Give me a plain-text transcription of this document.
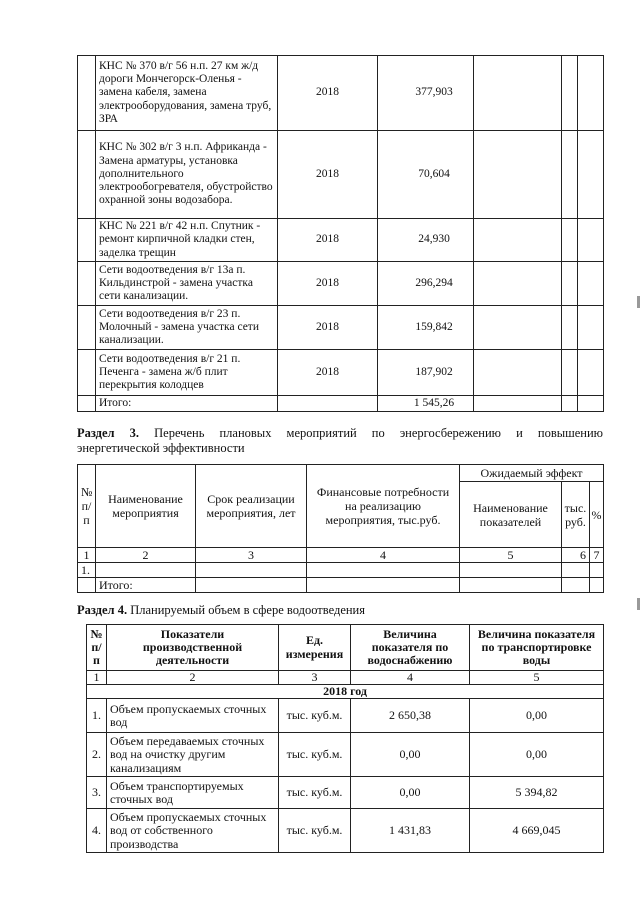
	КНС № 370 в/г 56 н.п. 27 км ж/д дороги Мончегорск-Оленья - замена кабеля, замена электрооборудования, замена труб, ЗРА	2018	377,903			
	КНС № 302 в/г 3 н.п. Африканда - Замена арматуры, установка дополнительного электрообогревателя, обустройство охранной зоны водозабора.	2018	70,604			
	КНС № 221 в/г 42 н.п. Спутник - ремонт кирпичной кладки стен, заделка трещин	2018	24,930			
	Сети водоотведения в/г 13а п. Кильдинстрой - замена участка сети канализации.	2018	296,294			
	Сети водоотведения в/г 23 п. Молочный - замена участка сети канализации.	2018	159,842			
	Сети водоотведения в/г 21 п. Печенга - замена ж/б плит перекрытия колодцев	2018	187,902			
	Итого:		1 545,26			
Раздел 3. Перечень плановых мероприятий по энергосбережению и повышению
энергетической эффективности
№ п/п	Наименование мероприятия	Срок реализации мероприятия, лет	Финансовые потребности на реализацию мероприятия, тыс.руб.	Ожидаемый эффект		
				Наименование показателей	тыс. руб.	%
1	2	3	4	5	6	7
1.						
	Итого:					
Раздел 4. Планируемый объем в сфере водоотведения
№ п/п	Показатели производственной деятельности	Ед. измерения	Величина показателя по водоснабжению	Величина показателя по транспортировке воды
1	2	3	4	5
2018 год				
1.	Объем пропускаемых сточных вод	тыс. куб.м.	2 650,38	0,00
2.	Объем передаваемых сточных вод на очистку другим канализациям	тыс. куб.м.	0,00	0,00
3.	Объем транспортируемых сточных вод	тыс. куб.м.	0,00	5 394,82
4.	Объем пропускаемых сточных вод от собственного производства	тыс. куб.м.	1 431,83	4 669,045
